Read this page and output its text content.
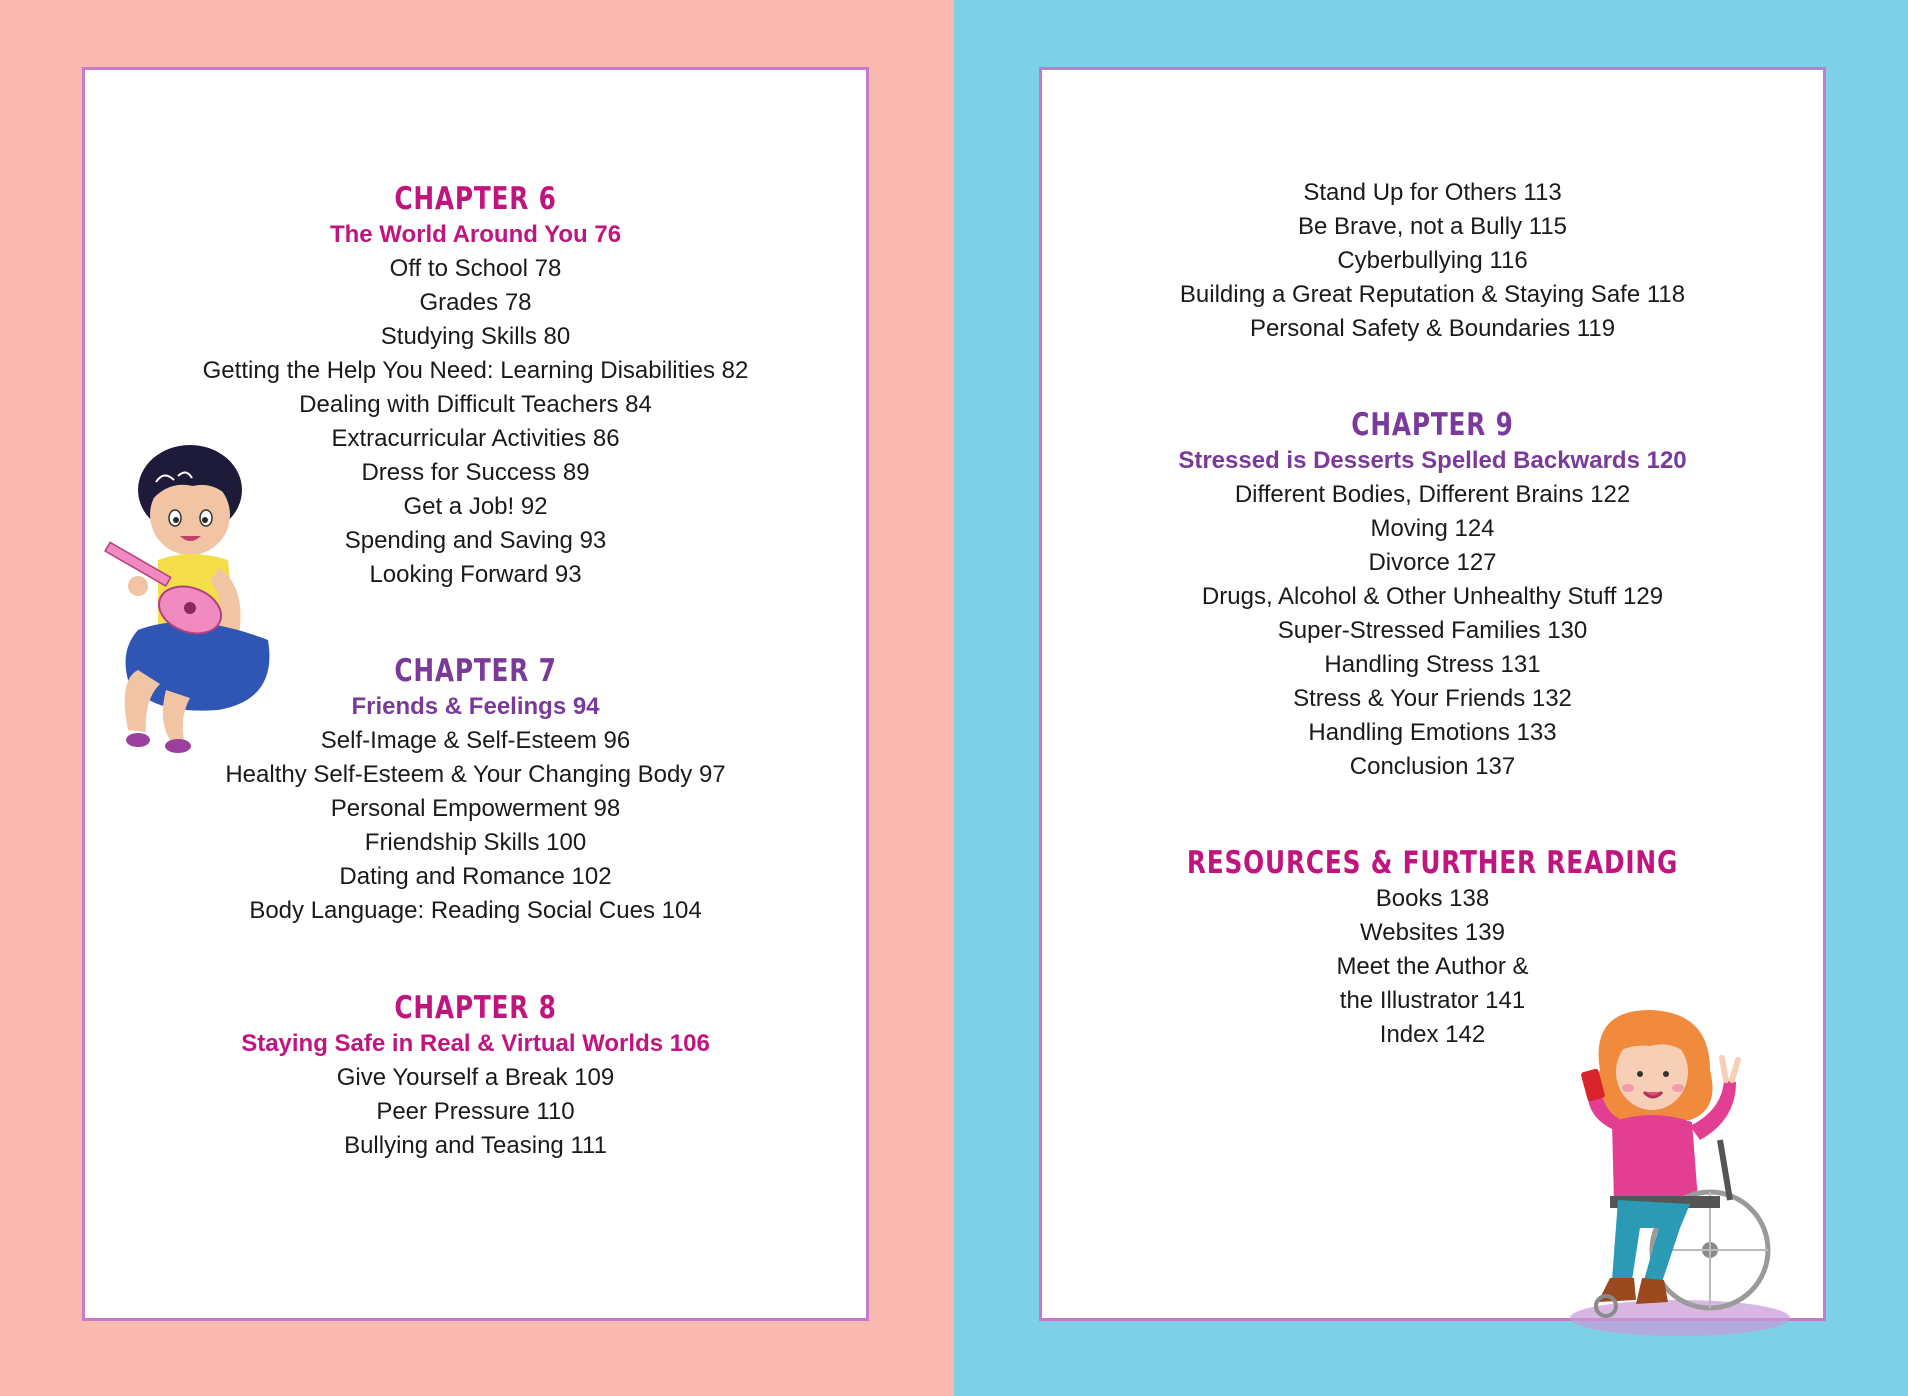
CHAPTER 6
The World Around You 76
Off to School 78
Grades 78
Studying Skills 80
Getting the Help You Need: Learning Disabilities 82
Dealing with Difficult Teachers 84
Extracurricular Activities 86
Dress for Success 89
Get a Job! 92
Spending and Saving 93
Looking Forward 93
CHAPTER 7
Friends & Feelings 94
Self-Image & Self-Esteem 96
Healthy Self-Esteem & Your Changing Body 97
Personal Empowerment 98
Friendship Skills 100
Dating and Romance 102
Body Language: Reading Social Cues 104
CHAPTER 8
Staying Safe in Real & Virtual Worlds 106
Give Yourself a Break 109
Peer Pressure 110
Bullying and Teasing 111
Stand Up for Others 113
Be Brave, not a Bully 115
Cyberbullying 116
Building a Great Reputation & Staying Safe 118
Personal Safety & Boundaries 119
CHAPTER 9
Stressed is Desserts Spelled Backwards 120
Different Bodies, Different Brains 122
Moving 124
Divorce 127
Drugs, Alcohol & Other Unhealthy Stuff 129
Super-Stressed Families 130
Handling Stress 131
Stress & Your Friends 132
Handling Emotions 133
Conclusion 137
RESOURCES & FURTHER READING
Books 138
Websites 139
Meet the Author &
the Illustrator 141
Index 142
